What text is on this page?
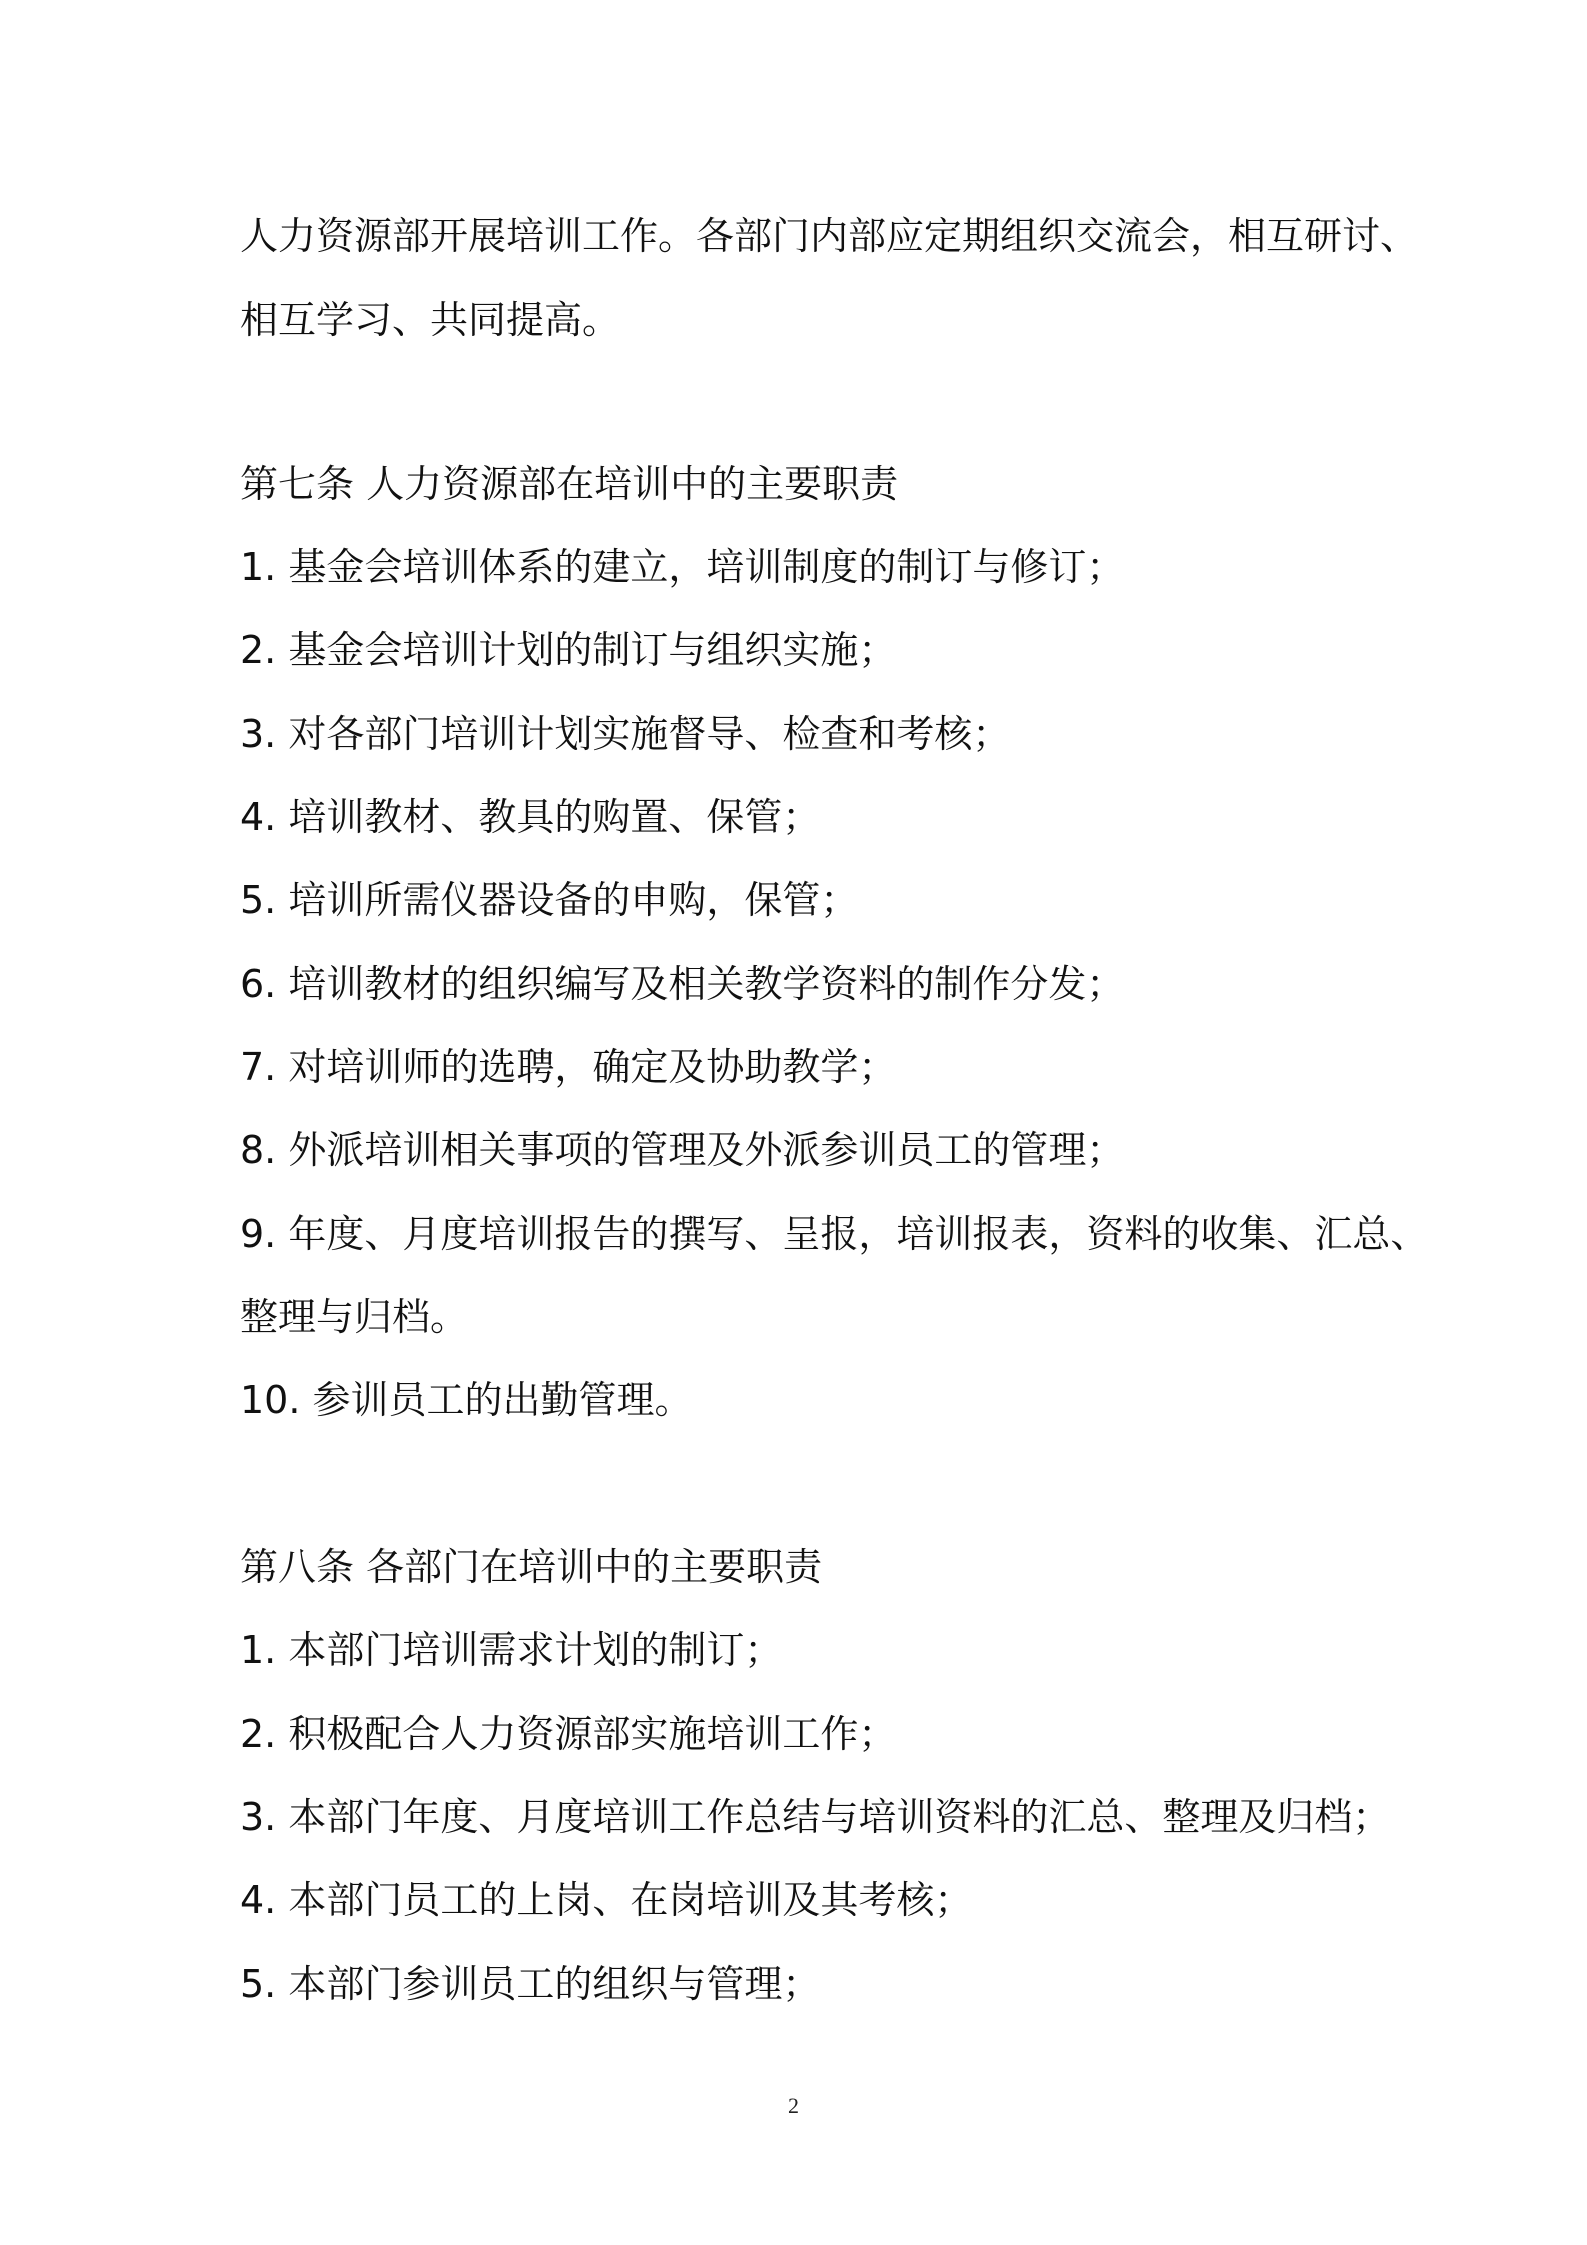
人力资源部开展培训工作。各部门内部应定期组织交流会，相互研讨、
相互学习、共同提高。
第七条 人力资源部在培训中的主要职责
1. 基金会培训体系的建立，培训制度的制订与修订；
2. 基金会培训计划的制订与组织实施；
3. 对各部门培训计划实施督导、检查和考核；
4. 培训教材、教具的购置、保管；
5. 培训所需仪器设备的申购，保管；
6. 培训教材的组织编写及相关教学资料的制作分发；
7. 对培训师的选聘，确定及协助教学；
8. 外派培训相关事项的管理及外派参训员工的管理；
9. 年度、月度培训报告的撰写、呈报，培训报表，资料的收集、汇总、
整理与归档。
10. 参训员工的出勤管理。
第八条 各部门在培训中的主要职责
1. 本部门培训需求计划的制订；
2. 积极配合人力资源部实施培训工作；
3. 本部门年度、月度培训工作总结与培训资料的汇总、整理及归档；
4. 本部门员工的上岗、在岗培训及其考核；
5. 本部门参训员工的组织与管理；
2
